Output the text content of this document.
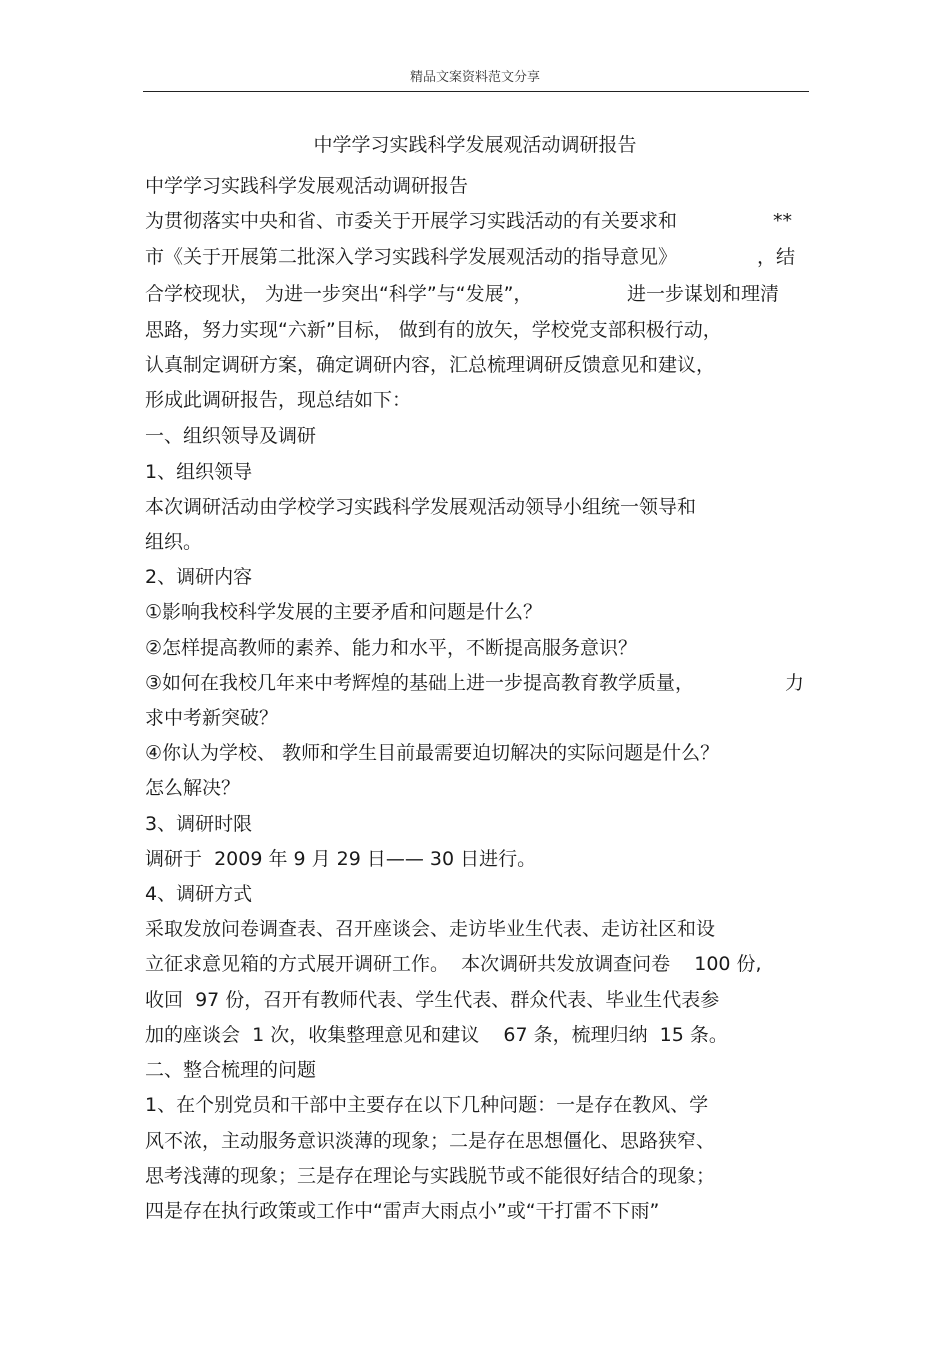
精品文案资料范文分享
中学学习实践科学发展观活动调研报告
中学学习实践科学发展观活动调研报告
为贯彻落实中央和省、市委关于开展学习实践活动的有关要求和	**
市《关于开展第二批深入学习实践科学发展观活动的指导意见》	，结
合学校现状， 为进一步突出“科学”与“发展”，	进一步谋划和理清
思路，努力实现“六新”目标， 做到有的放矢，学校党支部积极行动，
认真制定调研方案，确定调研内容，汇总梳理调研反馈意见和建议，
形成此调研报告，现总结如下：
一、组织领导及调研
1、组织领导
本次调研活动由学校学习实践科学发展观活动领导小组统一领导和
组织。
2、调研内容
①影响我校科学发展的主要矛盾和问题是什么？
②怎样提高教师的素养、能力和水平，不断提高服务意识？
③如何在我校几年来中考辉煌的基础上进一步提高教育教学质量，	力
求中考新突破？
④你认为学校、 教师和学生目前最需要迫切解决的实际问题是什么？
怎么解决？
3、调研时限
调研于  2009 年 9 月 29 日—— 30 日进行。
4、调研方式
采取发放问卷调查表、召开座谈会、走访毕业生代表、走访社区和设
立征求意见箱的方式展开调研工作。  本次调研共发放调查问卷    100 份,
收回  97 份，召开有教师代表、学生代表、群众代表、毕业生代表参
加的座谈会  1 次，收集整理意见和建议    67 条，梳理归纳  15 条。
二、整合梳理的问题
1、在个别党员和干部中主要存在以下几种问题：一是存在教风、学
风不浓，主动服务意识淡薄的现象；二是存在思想僵化、思路狭窄、
思考浅薄的现象；三是存在理论与实践脱节或不能很好结合的现象；
四是存在执行政策或工作中“雷声大雨点小”或“干打雷不下雨”
